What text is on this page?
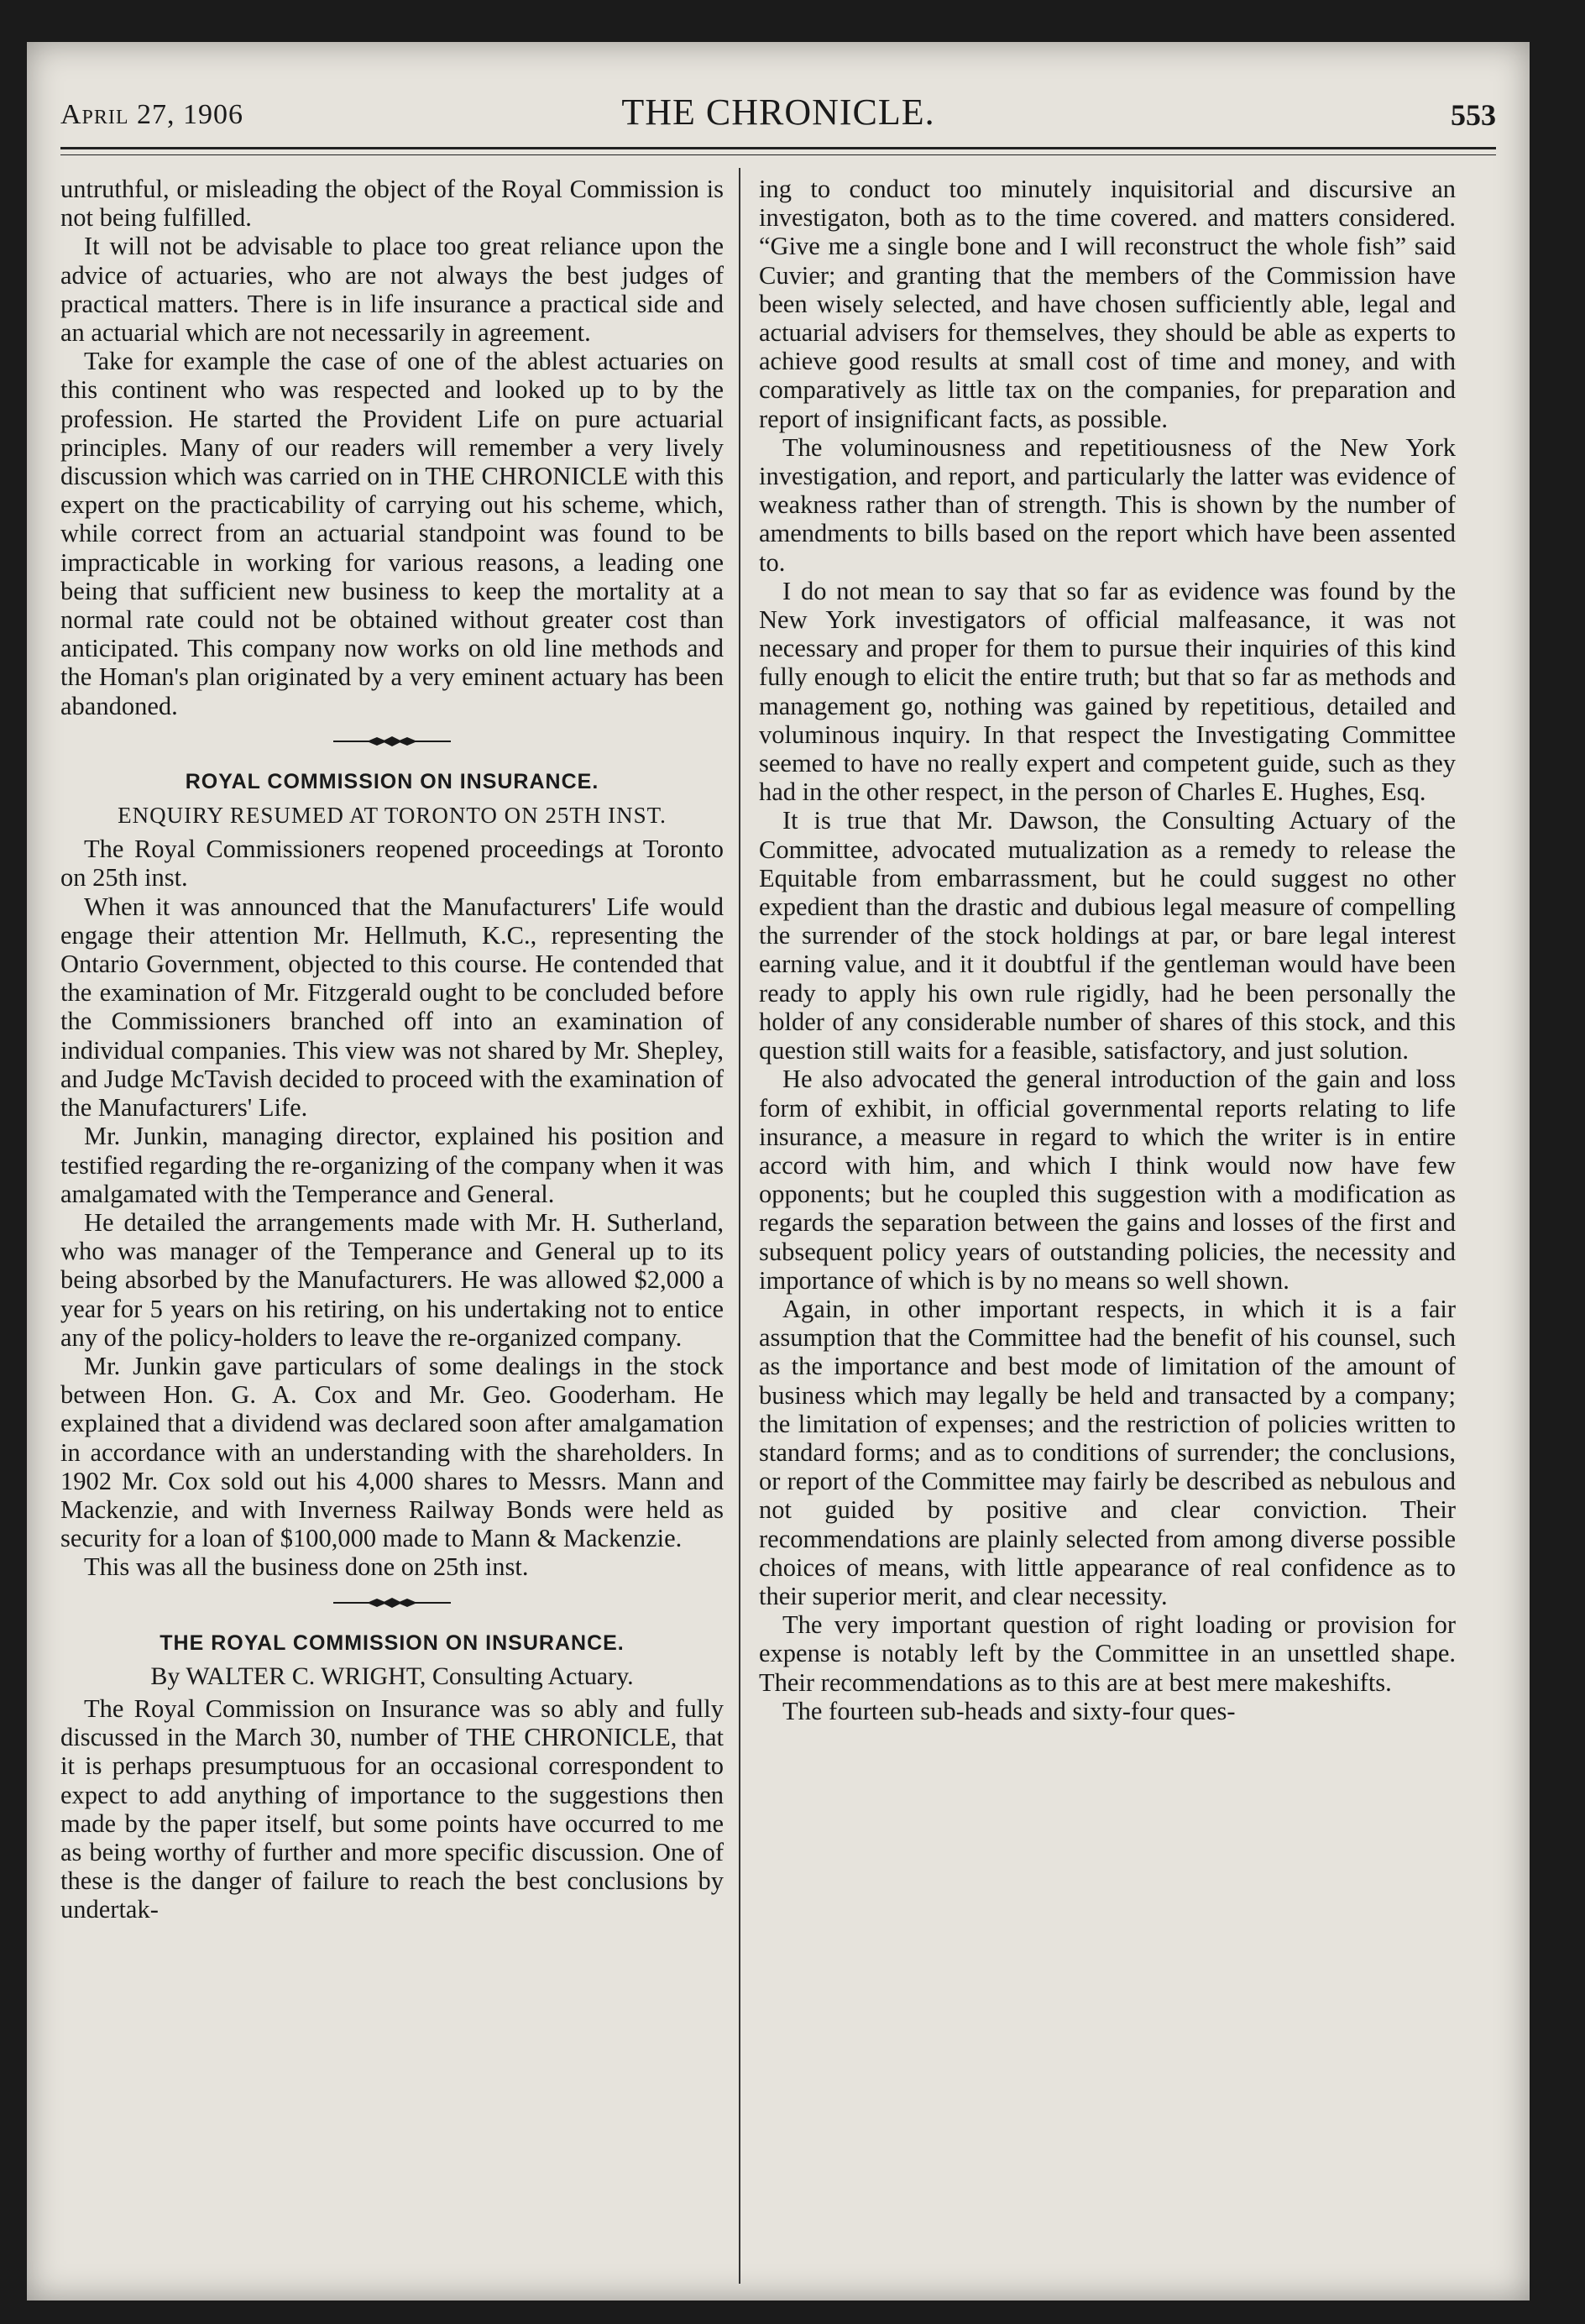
April 27, 1906	THE CHRONICLE.	553

untruthful, or misleading the object of the Royal Commission is not being fulfilled.

It will not be advisable to place too great reliance upon the advice of actuaries, who are not always the best judges of practical matters. There is in life insurance a practical side and an actuarial which are not necessarily in agreement.

Take for example the case of one of the ablest actuaries on this continent who was respected and looked up to by the profession. He started the Provident Life on pure actuarial principles. Many of our readers will remember a very lively discussion which was carried on in THE CHRONICLE with this expert on the practicability of carrying out his scheme, which, while correct from an actuarial standpoint was found to be impracticable in working for various reasons, a leading one being that sufficient new business to keep the mortality at a normal rate could not be obtained without greater cost than anticipated. This company now works on old line methods and the Homan's plan originated by a very eminent actuary has been abandoned.

ROYAL COMMISSION ON INSURANCE.
ENQUIRY RESUMED AT TORONTO ON 25TH INST.

The Royal Commissioners reopened proceedings at Toronto on 25th inst.

When it was announced that the Manufacturers' Life would engage their attention Mr. Hellmuth, K.C., representing the Ontario Government, objected to this course. He contended that the examination of Mr. Fitzgerald ought to be concluded before the Commissioners branched off into an examination of individual companies. This view was not shared by Mr. Shepley, and Judge McTavish decided to proceed with the examination of the Manufacturers' Life.

Mr. Junkin, managing director, explained his position and testified regarding the re-organizing of the company when it was amalgamated with the Temperance and General.

He detailed the arrangements made with Mr. H. Sutherland, who was manager of the Temperance and General up to its being absorbed by the Manufacturers. He was allowed $2,000 a year for 5 years on his retiring, on his undertaking not to entice any of the policy-holders to leave the re-organized company.

Mr. Junkin gave particulars of some dealings in the stock between Hon. G. A. Cox and Mr. Geo. Gooderham. He explained that a dividend was declared soon after amalgamation in accordance with an understanding with the shareholders. In 1902 Mr. Cox sold out his 4,000 shares to Messrs. Mann and Mackenzie, and with Inverness Railway Bonds were held as security for a loan of $100,000 made to Mann & Mackenzie.

This was all the business done on 25th inst.

THE ROYAL COMMISSION ON INSURANCE.
By WALTER C. WRIGHT, Consulting Actuary.

The Royal Commission on Insurance was so ably and fully discussed in the March 30, number of THE CHRONICLE, that it is perhaps presumptuous for an occasional correspondent to expect to add anything of importance to the suggestions then made by the paper itself, but some points have occurred to me as being worthy of further and more specific discussion. One of these is the danger of failure to reach the best conclusions by undertak-

ing to conduct too minutely inquisitorial and discursive an investigaton, both as to the time covered. and matters considered. “Give me a single bone and I will reconstruct the whole fish” said Cuvier; and granting that the members of the Commission have been wisely selected, and have chosen sufficiently able, legal and actuarial advisers for themselves, they should be able as experts to achieve good results at small cost of time and money, and with comparatively as little tax on the companies, for preparation and report of insignificant facts, as possible.

The voluminousness and repetitiousness of the New York investigation, and report, and particularly the latter was evidence of weakness rather than of strength. This is shown by the number of amendments to bills based on the report which have been assented to.

I do not mean to say that so far as evidence was found by the New York investigators of official malfeasance, it was not necessary and proper for them to pursue their inquiries of this kind fully enough to elicit the entire truth; but that so far as methods and management go, nothing was gained by repetitious, detailed and voluminous inquiry. In that respect the Investigating Committee seemed to have no really expert and competent guide, such as they had in the other respect, in the person of Charles E. Hughes, Esq.

It is true that Mr. Dawson, the Consulting Actuary of the Committee, advocated mutualization as a remedy to release the Equitable from embarrassment, but he could suggest no other expedient than the drastic and dubious legal measure of compelling the surrender of the stock holdings at par, or bare legal interest earning value, and it it doubtful if the gentleman would have been ready to apply his own rule rigidly, had he been personally the holder of any considerable number of shares of this stock, and this question still waits for a feasible, satisfactory, and just solution.

He also advocated the general introduction of the gain and loss form of exhibit, in official governmental reports relating to life insurance, a measure in regard to which the writer is in entire accord with him, and which I think would now have few opponents; but he coupled this suggestion with a modification as regards the separation between the gains and losses of the first and subsequent policy years of outstanding policies, the necessity and importance of which is by no means so well shown.

Again, in other important respects, in which it is a fair assumption that the Committee had the benefit of his counsel, such as the importance and best mode of limitation of the amount of business which may legally be held and transacted by a company; the limitation of expenses; and the restriction of policies written to standard forms; and as to conditions of surrender; the conclusions, or report of the Committee may fairly be described as nebulous and not guided by positive and clear conviction. Their recommendations are plainly selected from among diverse possible choices of means, with little appearance of real confidence as to their superior merit, and clear necessity.

The very important question of right loading or provision for expense is notably left by the Committee in an unsettled shape. Their recommendations as to this are at best mere makeshifts.

The fourteen sub-heads and sixty-four ques-
